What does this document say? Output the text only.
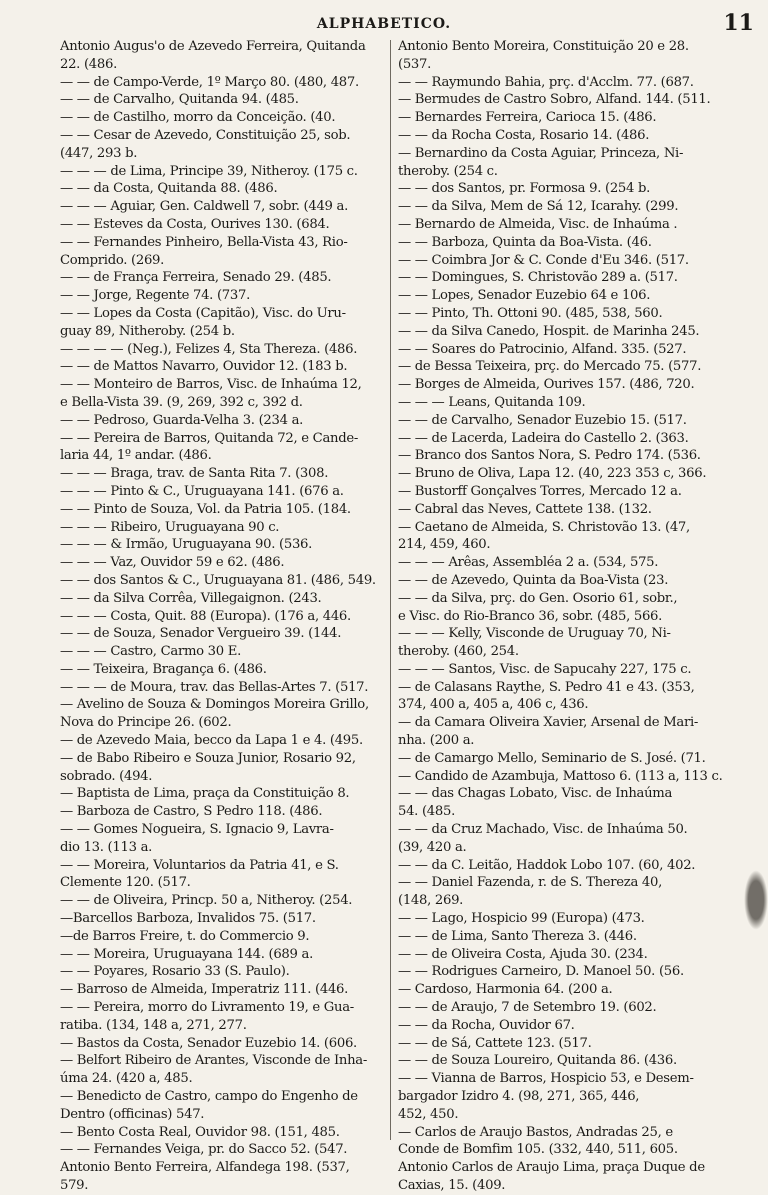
ALPHABETICO.	11
Antonio Augus'o de Azevedo Ferreira, Quitanda
22. (486.
— — de Campo-Verde, 1º Março 80. (480, 487.
— — de Carvalho, Quitanda 94. (485.
— — de Castilho, morro da Conceição. (40.
— — Cesar de Azevedo, Constituição 25, sob.
(447, 293 b.
— — — de Lima, Principe 39, Nitheroy. (175 c.
— — da Costa, Quitanda 88. (486.
— — — Aguiar, Gen. Caldwell 7, sobr. (449 a.
— — Esteves da Costa, Ourives 130. (684.
— — Fernandes Pinheiro, Bella-Vista 43, Rio-
Comprido. (269.
— — de França Ferreira, Senado 29. (485.
— — Jorge, Regente 74. (737.
— — Lopes da Costa (Capitão), Visc. do Uru-
guay 89, Nitheroby. (254 b.
— — — — (Neg.), Felizes 4, Sta Thereza. (486.
— — de Mattos Navarro, Ouvidor 12. (183 b.
— — Monteiro de Barros, Visc. de Inhaúma 12,
e Bella-Vista 39. (9, 269, 392 c, 392 d.
— — Pedroso, Guarda-Velha 3. (234 a.
— — Pereira de Barros, Quitanda 72, e Cande-
laria 44, 1º andar. (486.
— — — Braga, trav. de Santa Rita 7. (308.
— — — Pinto & C., Uruguayana 141. (676 a.
— — Pinto de Souza, Vol. da Patria 105. (184.
— — — Ribeiro, Uruguayana 90 c.
— — — & Irmão, Uruguayana 90. (536.
— — — Vaz, Ouvidor 59 e 62. (486.
— — dos Santos & C., Uruguayana 81. (486, 549.
— — da Silva Corrêa, Villegaignon. (243.
— — — Costa, Quit. 88 (Europa). (176 a, 446.
— — de Souza, Senador Vergueiro 39. (144.
— — — Castro, Carmo 30 E.
— — Teixeira, Bragança 6. (486.
— — — de Moura, trav. das Bellas-Artes 7. (517.
— Avelino de Souza & Domingos Moreira Grillo,
Nova do Principe 26. (602.
— de Azevedo Maia, becco da Lapa 1 e 4. (495.
— de Babo Ribeiro e Souza Junior, Rosario 92,
sobrado. (494.
— Baptista de Lima, praça da Constituição 8.
— Barboza de Castro, S Pedro 118. (486.
— — Gomes Nogueira, S. Ignacio 9, Lavra-
dio 13. (113 a.
— — Moreira, Voluntarios da Patria 41, e S.
Clemente 120. (517.
— — de Oliveira, Princp. 50 a, Nitheroy. (254.
—Barcellos Barboza, Invalidos 75. (517.
—de Barros Freire, t. do Commercio 9.
— — Moreira, Uruguayana 144. (689 a.
— — Poyares, Rosario 33 (S. Paulo).
— Barroso de Almeida, Imperatriz 111. (446.
— — Pereira, morro do Livramento 19, e Gua-
ratiba. (134, 148 a, 271, 277.
— Bastos da Costa, Senador Euzebio 14. (606.
— Belfort Ribeiro de Arantes, Visconde de Inha-
úma 24. (420 a, 485.
— Benedicto de Castro, campo do Engenho de
Dentro (officinas) 547.
— Bento Costa Real, Ouvidor 98. (151, 485.
— — Fernandes Veiga, pr. do Sacco 52. (547.
Antonio Bento Ferreira, Alfandega 198. (537,
579.
Antonio Bento Moreira, Constituição 20 e 28.
(537.
— — Raymundo Bahia, prç. d'Acclm. 77. (687.
— Bermudes de Castro Sobro, Alfand. 144. (511.
— Bernardes Ferreira, Carioca 15. (486.
— — da Rocha Costa, Rosario 14. (486.
— Bernardino da Costa Aguiar, Princeza, Ni-
theroby. (254 c.
— — dos Santos, pr. Formosa 9. (254 b.
— — da Silva, Mem de Sá 12, Icarahy. (299.
— Bernardo de Almeida, Visc. de Inhaúma .
— — Barboza, Quinta da Boa-Vista. (46.
— — Coimbra Jor & C. Conde d'Eu 346. (517.
— — Domingues, S. Christovão 289 a. (517.
— — Lopes, Senador Euzebio 64 e 106.
— — Pinto, Th. Ottoni 90. (485, 538, 560.
— — da Silva Canedo, Hospit. de Marinha 245.
— — Soares do Patrocinio, Alfand. 335. (527.
— de Bessa Teixeira, prç. do Mercado 75. (577.
— Borges de Almeida, Ourives 157. (486, 720.
— — — Leans, Quitanda 109.
— — de Carvalho, Senador Euzebio 15. (517.
— — de Lacerda, Ladeira do Castello 2. (363.
— Branco dos Santos Nora, S. Pedro 174. (536.
— Bruno de Oliva, Lapa 12. (40, 223 353 c, 366.
— Bustorff Gonçalves Torres, Mercado 12 a.
— Cabral das Neves, Cattete 138. (132.
— Caetano de Almeida, S. Christovão 13. (47,
214, 459, 460.
— — — Arêas, Assembléa 2 a. (534, 575.
— — de Azevedo, Quinta da Boa-Vista (23.
— — da Silva, prç. do Gen. Osorio 61, sobr.,
e Visc. do Rio-Branco 36, sobr. (485, 566.
— — — Kelly, Visconde de Uruguay 70, Ni-
theroby. (460, 254.
— — — Santos, Visc. de Sapucahy 227, 175 c.
— de Calasans Raythe, S. Pedro 41 e 43. (353,
374, 400 a, 405 a, 406 c, 436.
— da Camara Oliveira Xavier, Arsenal de Mari-
nha. (200 a.
— de Camargo Mello, Seminario de S. José. (71.
— Candido de Azambuja, Mattoso 6. (113 a, 113 c.
— — das Chagas Lobato, Visc. de Inhaúma
54. (485.
— — da Cruz Machado, Visc. de Inhaúma 50.
(39, 420 a.
— — da C. Leitão, Haddok Lobo 107. (60, 402.
— — Daniel Fazenda, r. de S. Thereza 40,
(148, 269.
— — Lago, Hospicio 99 (Europa) (473.
— — de Lima, Santo Thereza 3. (446.
— — de Oliveira Costa, Ajuda 30. (234.
— — Rodrigues Carneiro, D. Manoel 50. (56.
— Cardoso, Harmonia 64. (200 a.
— — de Araujo, 7 de Setembro 19. (602.
— — da Rocha, Ouvidor 67.
— — de Sá, Cattete 123. (517.
— — de Souza Loureiro, Quitanda 86. (436.
— — Vianna de Barros, Hospicio 53, e Desem-
bargador Izidro 4. (98, 271, 365, 446,
452, 450.
— Carlos de Araujo Bastos, Andradas 25, e
Conde de Bomfim 105. (332, 440, 511, 605.
Antonio Carlos de Araujo Lima, praça Duque de
Caxias, 15. (409.
